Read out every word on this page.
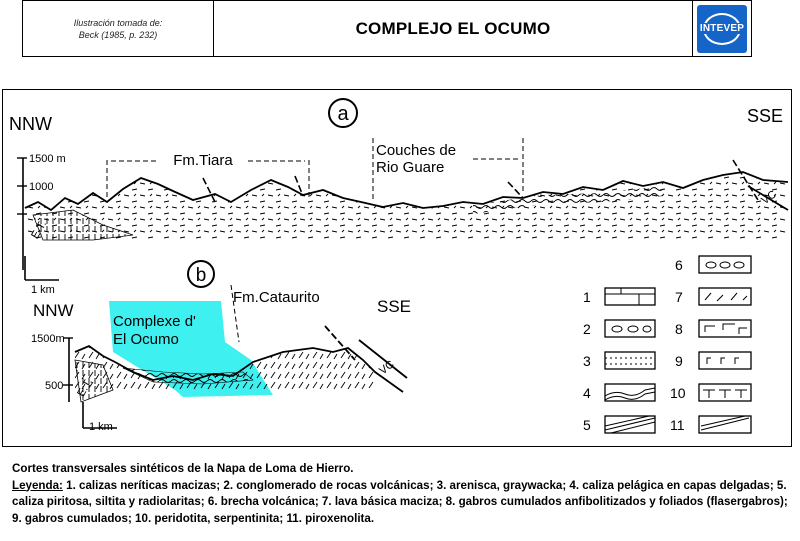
Ilustración tomada de:
Beck (1985, p. 232)	COMPLEJO EL OCUMO	INTEVEP
NNW	SSE
a
1500 m
1000
E.T.
Fm.Tiara
Couches de
Rio Guare
VC
1 km
b
NNW	SSE
1500m
500
Complexe d'
El Ocumo
E.T.
Fm.Cataurito
VC
1 km
6
7
8
9
10
11
1
2
3
4
5
Cortes transversales sintéticos de la Napa de Loma de Hierro.
Leyenda: 1. calizas neríticas macizas; 2. conglomerado de rocas volcánicas; 3. arenisca, graywacka; 4. caliza pelágica en capas delgadas; 5. caliza piritosa, siltita y radiolaritas; 6. brecha volcánica; 7. lava básica maciza; 8. gabros cumulados anfibolitizados y foliados (flasergabros); 9. gabros cumulados; 10. peridotita, serpentinita; 11. piroxenolita.
